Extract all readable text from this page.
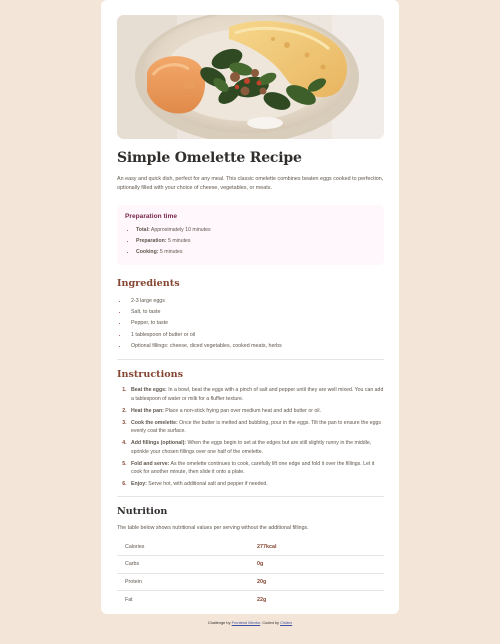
Simple Omelette Recipe

An easy and quick dish, perfect for any meal. This classic omelette combines beaten eggs cooked to perfection, optionally filled with your choice of cheese, vegetables, or meats.

Preparation time
• Total: Approximately 10 minutes
• Preparation: 5 minutes
• Cooking: 5 minutes
Ingredients
• 2-3 large eggs
• Salt, to taste
• Pepper, to taste
• 1 tablespoon of butter or oil
• Optional fillings: cheese, diced vegetables, cooked meats, herbs
Instructions
1. Beat the eggs: In a bowl, beat the eggs with a pinch of salt and pepper until they are well mixed. You can add a tablespoon of water or milk for a fluffier texture.
2. Heat the pan: Place a non-stick frying pan over medium heat and add butter or oil.
3. Cook the omelette: Once the butter is melted and bubbling, pour in the eggs. Tilt the pan to ensure the eggs evenly coat the surface.
4. Add fillings (optional): When the eggs begin to set at the edges but are still slightly runny in the middle, sprinkle your chosen fillings over one half of the omelette.
5. Fold and serve: As the omelette continues to cook, carefully lift one edge and fold it over the fillings. Let it cook for another minute, then slide it onto a plate.
6. Enjoy: Serve hot, with additional salt and pepper if needed.
Nutrition

The table below shows nutritional values per serving without the additional fillings.

Calories	277kcal
Carbs	0g
Protein	20g
Fat	22g
Challenge by Frontend Mentor. Coded by Chidex
